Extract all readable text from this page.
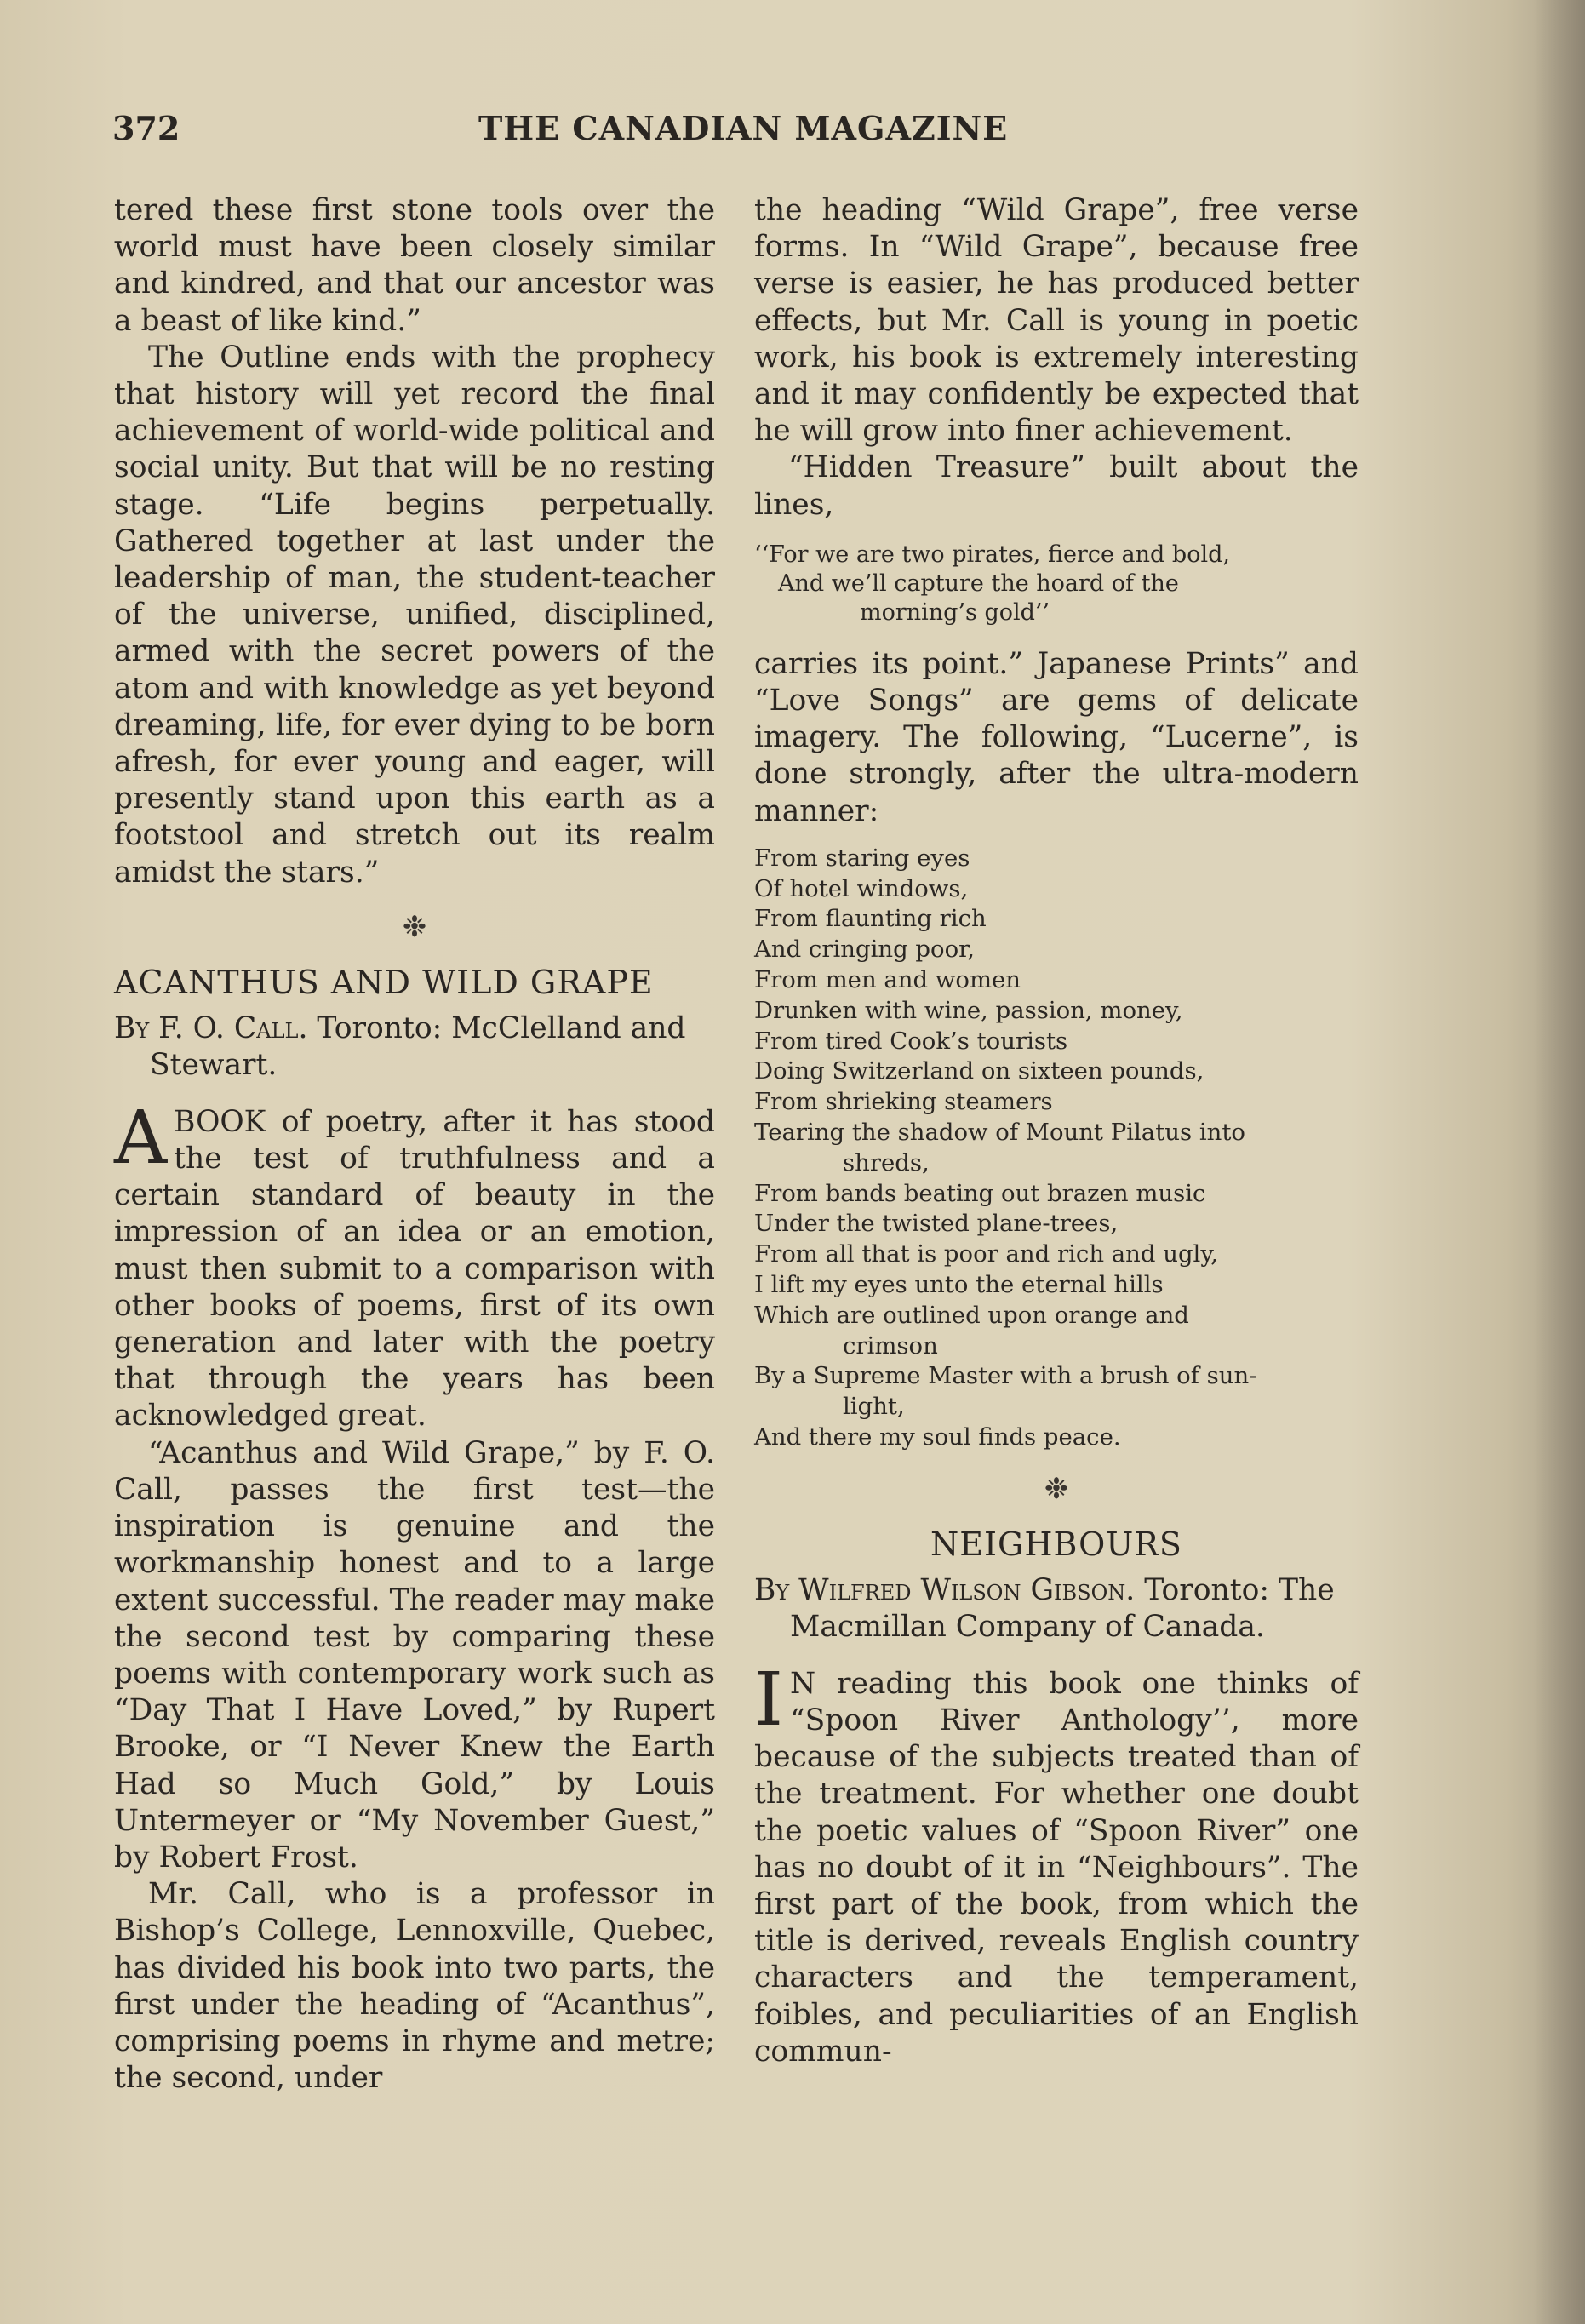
372	THE CANADIAN MAGAZINE

tered these first stone tools over the world must have been closely similar and kindred, and that our ancestor was a beast of like kind.”

The Outline ends with the prophecy that history will yet record the final achievement of world-wide political and social unity. But that will be no resting stage. “Life begins perpetually. Gathered together at last under the leadership of man, the student-teacher of the universe, unified, disciplined, armed with the secret powers of the atom and with knowledge as yet beyond dreaming, life, for ever dying to be born afresh, for ever young and eager, will presently stand upon this earth as a footstool and stretch out its realm amidst the stars.”

❉
ACANTHUS AND WILD GRAPE
By F. O. Call. Toronto: McClelland and Stewart.

ABOOK of poetry, after it has stood the test of truthfulness and a certain standard of beauty in the impression of an idea or an emotion, must then submit to a comparison with other books of poems, first of its own generation and later with the poetry that through the years has been acknowledged great.

“Acanthus and Wild Grape,” by F. O. Call, passes the first test—the inspiration is genuine and the workmanship honest and to a large extent successful. The reader may make the second test by comparing these poems with contemporary work such as “Day That I Have Loved,” by Rupert Brooke, or “I Never Knew the Earth Had so Much Gold,” by Louis Untermeyer or “My November Guest,” by Robert Frost.

Mr. Call, who is a professor in Bishop’s College, Lennoxville, Quebec, has divided his book into two parts, the first under the heading of “Acanthus”, comprising poems in rhyme and metre; the second, under

the heading “Wild Grape”, free verse forms. In “Wild Grape”, because free verse is easier, he has produced better effects, but Mr. Call is young in poetic work, his book is extremely interesting and it may confidently be expected that he will grow into finer achievement.

“Hidden Treasure” built about the lines,

‘‘For we are two pirates, fierce and bold,
And we’ll capture the hoard of the
morning’s gold’’

carries its point.” Japanese Prints” and “Love Songs” are gems of delicate imagery. The following, “Lucerne”, is done strongly, after the ultra-modern manner:

From staring eyes
Of hotel windows,
From flaunting rich
And cringing poor,
From men and women
Drunken with wine, passion, money,
From tired Cook’s tourists
Doing Switzerland on sixteen pounds,
From shrieking steamers
Tearing the shadow of Mount Pilatus into
shreds,
From bands beating out brazen music
Under the twisted plane-trees,
From all that is poor and rich and ugly,
I lift my eyes unto the eternal hills
Which are outlined upon orange and
crimson
By a Supreme Master with a brush of sun-
light,
And there my soul finds peace.
❉
NEIGHBOURS
By Wilfred Wilson Gibson. Toronto: The Macmillan Company of Canada.

I N reading this book one thinks of “Spoon River Anthology’’, more because of the subjects treated than of the treatment. For whether one doubt the poetic values of “Spoon River” one has no doubt of it in “Neighbours”. The first part of the book, from which the title is derived, reveals English country characters and the temperament, foibles, and peculiarities of an English commun-
